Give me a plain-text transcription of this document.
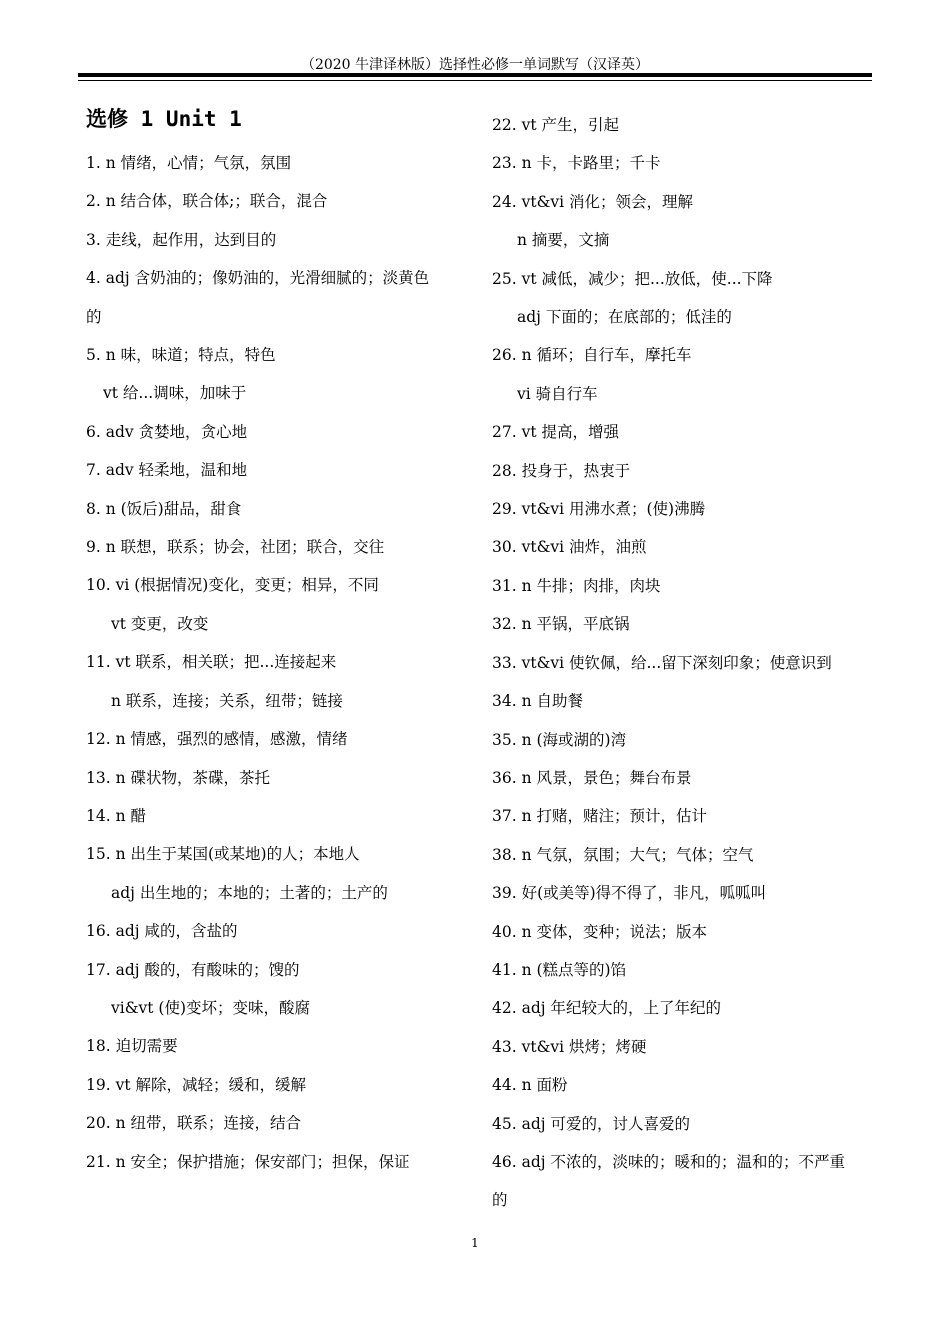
（2020 牛津译林版）选择性必修一单词默写（汉译英）
选修 1 Unit 1
1. n 情绪，心情；气氛，氛围
2. n 结合体，联合体;；联合，混合
3. 走线，起作用，达到目的
4. adj 含奶油的；像奶油的，光滑细腻的；淡黄色
的
5. n 味，味道；特点，特色
vt 给...调味，加味于
6. adv 贪婪地，贪心地
7. adv 轻柔地，温和地
8. n (饭后)甜品，甜食
9. n 联想，联系；协会，社团；联合，交往
10. vi (根据情况)变化，变更；相异，不同
vt 变更，改变
11. vt 联系，相关联；把...连接起来
n 联系，连接；关系，纽带；链接
12. n 情感，强烈的感情，感激，情绪
13. n 碟状物，茶碟，茶托
14. n 醋
15. n 出生于某国(或某地)的人；本地人
adj 出生地的；本地的；土著的；土产的
16. adj 咸的，含盐的
17. adj 酸的，有酸味的；馊的
vi&vt (使)变坏；变味，酸腐
18. 迫切需要
19. vt 解除，减轻；缓和，缓解
20. n 纽带，联系；连接，结合
21. n 安全；保护措施；保安部门；担保，保证
22. vt 产生，引起
23. n 卡，卡路里；千卡
24. vt&vi 消化；领会，理解
n 摘要，文摘
25. vt 减低，减少；把...放低，使...下降
adj 下面的；在底部的；低洼的
26. n 循环；自行车，摩托车
vi 骑自行车
27. vt 提高，增强
28. 投身于，热衷于
29. vt&vi 用沸水煮；(使)沸腾
30. vt&vi 油炸，油煎
31. n 牛排；肉排，肉块
32. n 平锅，平底锅
33. vt&vi 使钦佩，给...留下深刻印象；使意识到
34. n 自助餐
35. n (海或湖的)湾
36. n 风景，景色；舞台布景
37. n 打赌，赌注；预计，估计
38. n 气氛，氛围；大气；气体；空气
39. 好(或美等)得不得了，非凡，呱呱叫
40. n 变体，变种；说法；版本
41. n (糕点等的)馅
42. adj 年纪较大的，上了年纪的
43. vt&vi 烘烤；烤硬
44. n 面粉
45. adj 可爱的，讨人喜爱的
46. adj 不浓的，淡味的；暖和的；温和的；不严重
的
1
